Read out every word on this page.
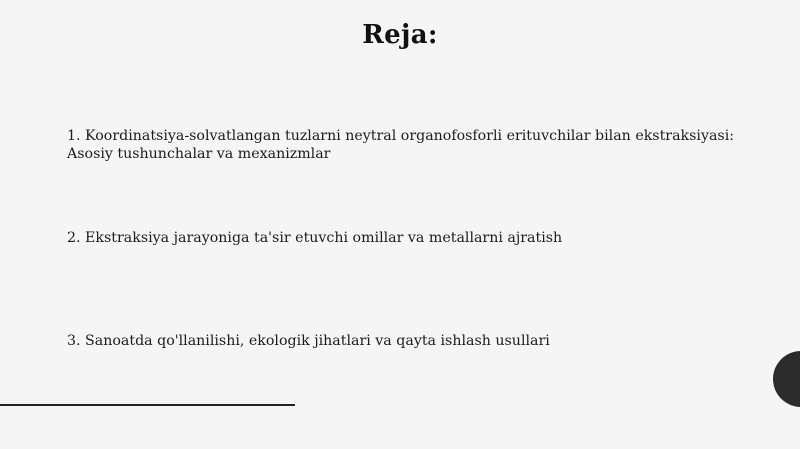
Reja:
1. Koordinatsiya-solvatlangan tuzlarni neytral organofosforli erituvchilar bilan ekstraksiyasi: Asosiy tushunchalar va mexanizmlar
2. Ekstraksiya jarayoniga ta'sir etuvchi omillar va metallarni ajratish
3. Sanoatda qo'llanilishi, ekologik jihatlari va qayta ishlash usullari
